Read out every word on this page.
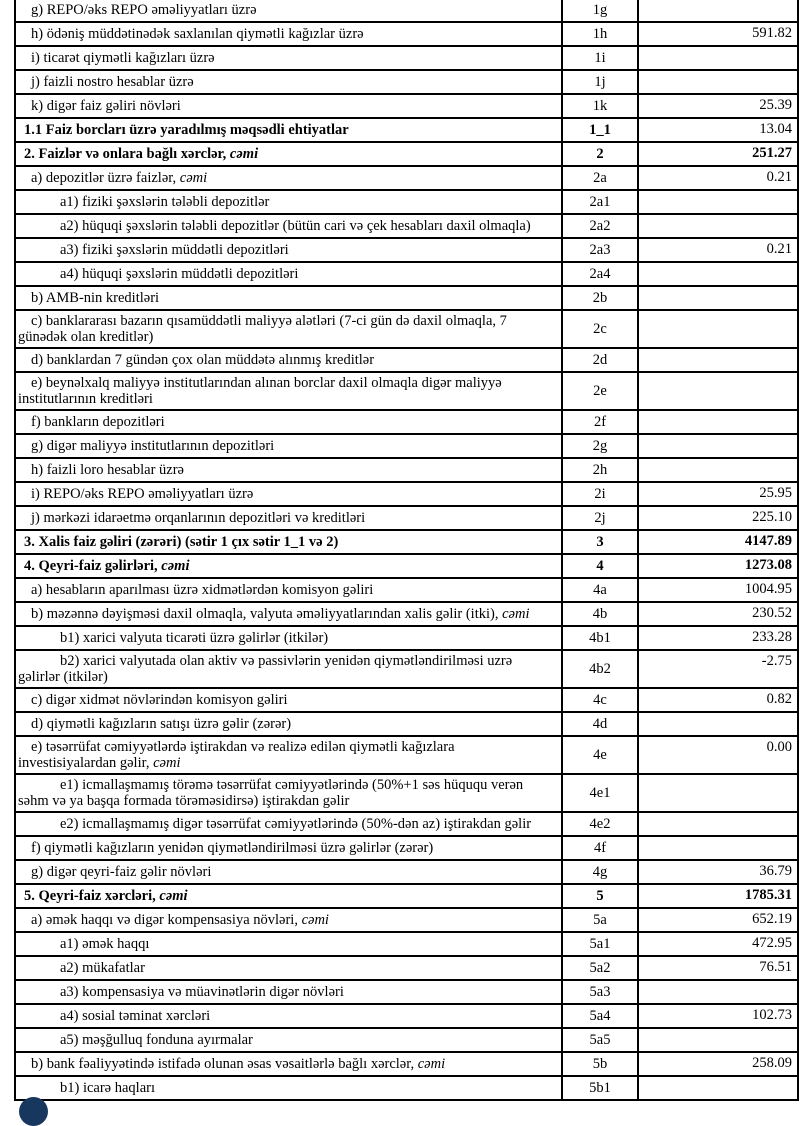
g) REPO/əks REPO əməliyyatları üzrə	1g	
h) ödəniş müddətinədək saxlanılan qiymətli kağızlar üzrə	1h	591.82
i) ticarət qiymətli kağızları üzrə	1i	
j) faizli nostro hesablar üzrə	1j	
k) digər faiz gəliri növləri	1k	25.39
1.1 Faiz borcları üzrə yaradılmış məqsədli ehtiyatlar	1_1	13.04
2. Faizlər və onlara bağlı xərclər, cəmi	2	251.27
a) depozitlər üzrə faizlər, cəmi	2a	0.21
a1) fiziki şəxslərin tələbli depozitlər	2a1	
a2) hüquqi şəxslərin tələbli depozitlər (bütün cari və çek hesabları daxil olmaqla)	2a2	
a3) fiziki şəxslərin müddətli depozitləri	2a3	0.21
a4) hüquqi şəxslərin müddətli depozitləri	2a4	
b) AMB-nin kreditləri	2b	
c) banklararası bazarın qısamüddətli maliyyə alətləri (7-ci gün də daxil olmaqla, 7 günədək olan kreditlər)	2c	
d) banklardan 7 gündən çox olan müddətə alınmış kreditlər	2d	
e) beynəlxalq maliyyə institutlarından alınan borclar daxil olmaqla digər maliyyə institutlarının kreditləri	2e	
f) bankların depozitləri	2f	
g) digər maliyyə institutlarının depozitləri	2g	
h) faizli loro hesablar üzrə	2h	
i) REPO/əks REPO əməliyyatları üzrə	2i	25.95
j) mərkəzi idarəetmə orqanlarının depozitləri və kreditləri	2j	225.10
3. Xalis faiz gəliri (zərəri) (sətir 1 çıx sətir 1_1 və 2)	3	4147.89
4. Qeyri-faiz gəlirləri, cəmi	4	1273.08
a) hesabların aparılması üzrə xidmətlərdən komisyon gəliri	4a	1004.95
b) məzənnə dəyişməsi daxil olmaqla, valyuta əməliyyatlarından xalis gəlir (itki), cəmi	4b	230.52
b1) xarici valyuta ticarəti üzrə gəlirlər (itkilər)	4b1	233.28
b2) xarici valyutada olan aktiv və passivlərin yenidən qiymətləndirilməsi uzrə gəlirlər (itkilər)	4b2	-2.75
c) digər xidmət növlərindən komisyon gəliri	4c	0.82
d) qiymətli kağızların satışı üzrə gəlir (zərər)	4d	
e) təsərrüfat cəmiyyətlərdə iştirakdan və realizə edilən qiymətli kağızlara investisiyalardan gəlir, cəmi	4e	0.00
e1) icmallaşmamış törəmə təsərrüfat cəmiyyətlərində (50%+1 səs hüququ verən səhm və ya başqa formada törəməsidirsə) iştirakdan gəlir	4e1	
e2) icmallaşmamış digər təsərrüfat cəmiyyətlərində (50%-dən az) iştirakdan gəlir	4e2	
f) qiymətli kağızların yenidən qiymətləndirilməsi üzrə gəlirlər (zərər)	4f	
g) digər qeyri-faiz gəlir növləri	4g	36.79
5. Qeyri-faiz xərcləri, cəmi	5	1785.31
a) əmək haqqı və digər kompensasiya növləri, cəmi	5a	652.19
a1) əmək haqqı	5a1	472.95
a2) mükafatlar	5a2	76.51
a3) kompensasiya və müavinətlərin digər növləri	5a3	
a4) sosial təminat xərcləri	5a4	102.73
a5) məşğulluq fonduna ayırmalar	5a5	
b) bank fəaliyyətində istifadə olunan əsas vəsaitlərlə bağlı xərclər, cəmi	5b	258.09
b1) icarə haqları	5b1	
